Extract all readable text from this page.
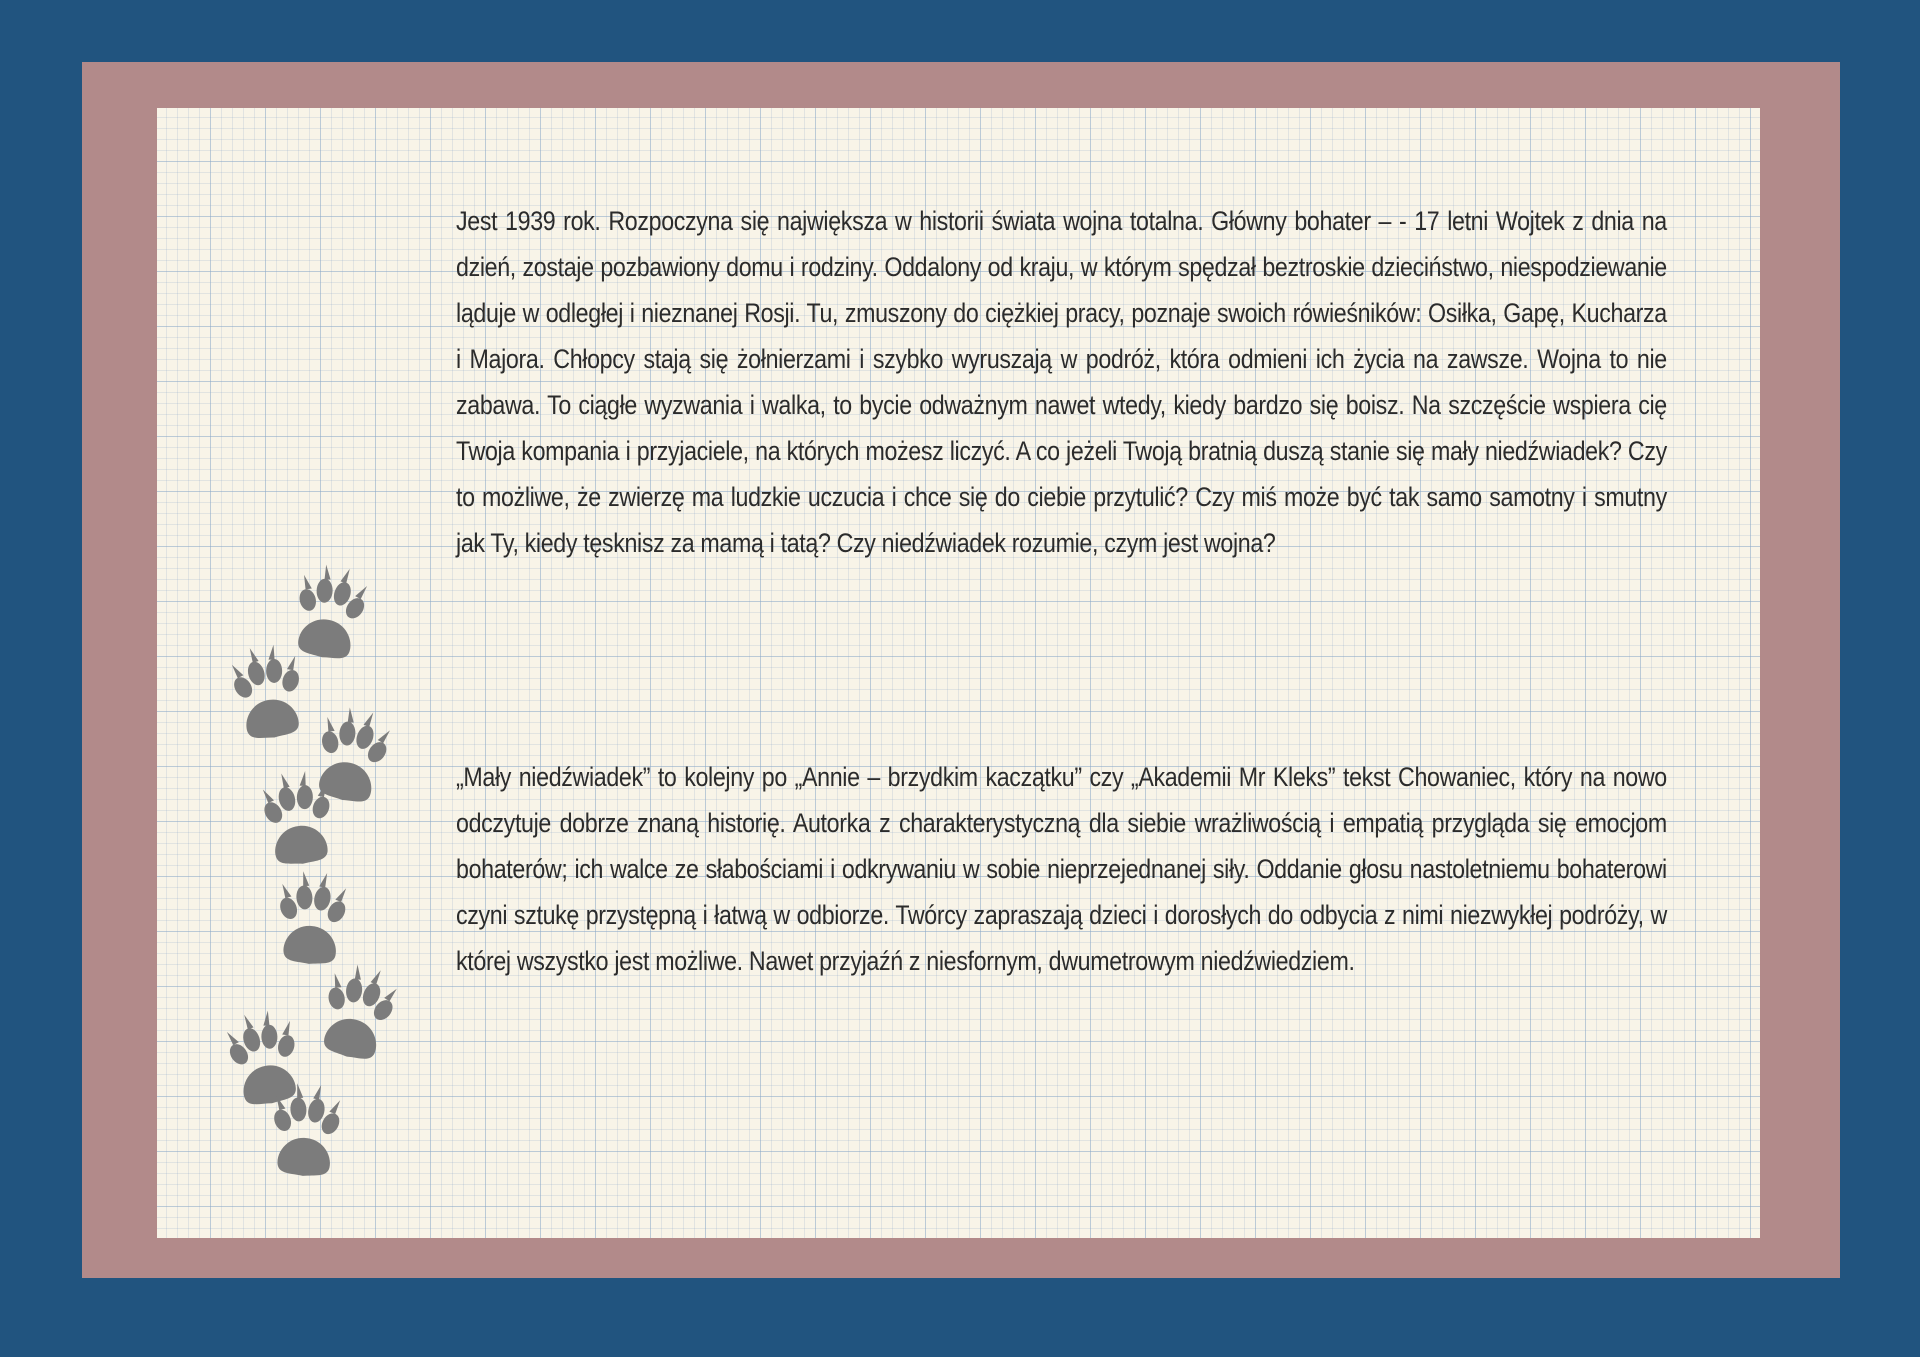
Jest 1939 rok. Rozpoczyna się największa w historii świata wojna totalna. Główny bohater – - 17 letni Wojtek z dnia na dzień, zostaje pozbawiony domu i rodziny. Oddalony od kraju, w którym spędzał beztroskie dzieciństwo, niespodziewanie ląduje w odległej i nieznanej Rosji. Tu, zmuszony do ciężkiej pracy, poznaje swoich rówieśników: Osiłka, Gapę, Kucharza i Majora. Chłopcy stają się żołnierzami i szybko wyruszają w podróż, która odmieni ich życia na zawsze. Wojna to nie zabawa. To ciągłe wyzwania i walka, to bycie odważnym nawet wtedy, kiedy bardzo się boisz. Na szczęście wspiera cię Twoja kompania i przyjaciele, na których możesz liczyć. A co jeżeli Twoją bratnią duszą stanie się mały niedźwiadek? Czy to możliwe, że zwierzę ma ludzkie uczucia i chce się do ciebie przytulić? Czy miś może być tak samo samotny i smutny jak Ty, kiedy tęsknisz za mamą i tatą? Czy niedźwiadek rozumie, czym jest wojna?

„Mały niedźwiadek” to kolejny po „Annie – brzydkim kaczątku” czy „Akademii Mr Kleks” tekst Chowaniec, który na nowo odczytuje dobrze znaną historię. Autorka z charakterystyczną dla siebie wrażliwością i empatią przygląda się emocjom bohaterów; ich walce ze słabościami i odkrywaniu w sobie nieprzejednanej siły. Oddanie głosu nastoletniemu bohaterowi czyni sztukę przystępną i łatwą w odbiorze. Twórcy zapraszają dzieci i dorosłych do odbycia z nimi niezwykłej podróży, w której wszystko jest możliwe. Nawet przyjaźń z niesfornym, dwumetrowym niedźwiedziem.
